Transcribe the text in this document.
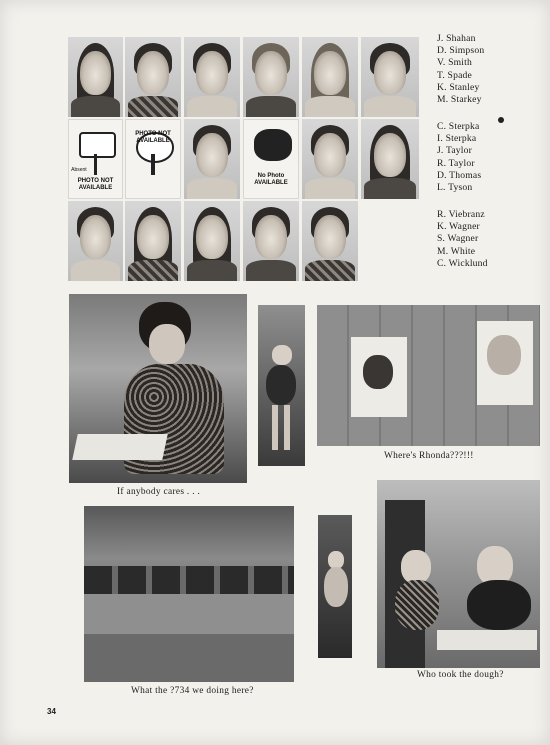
Absent
PHOTO NOT AVAILABLE
PHOTO NOT AVAILABLE
No Photo AVAILABLE
J. Shahan
D. Simpson
V. Smith
T. Spade
K. Stanley
M. Starkey
C. Sterpka
I. Sterpka
J. Taylor
R. Taylor
D. Thomas
L. Tyson
R. Viebranz
K. Wagner
S. Wagner
M. White
C. Wicklund
If anybody cares . . .
Where's Rhonda???!!!
What the ?734 we doing here?
Who took the dough?
34
